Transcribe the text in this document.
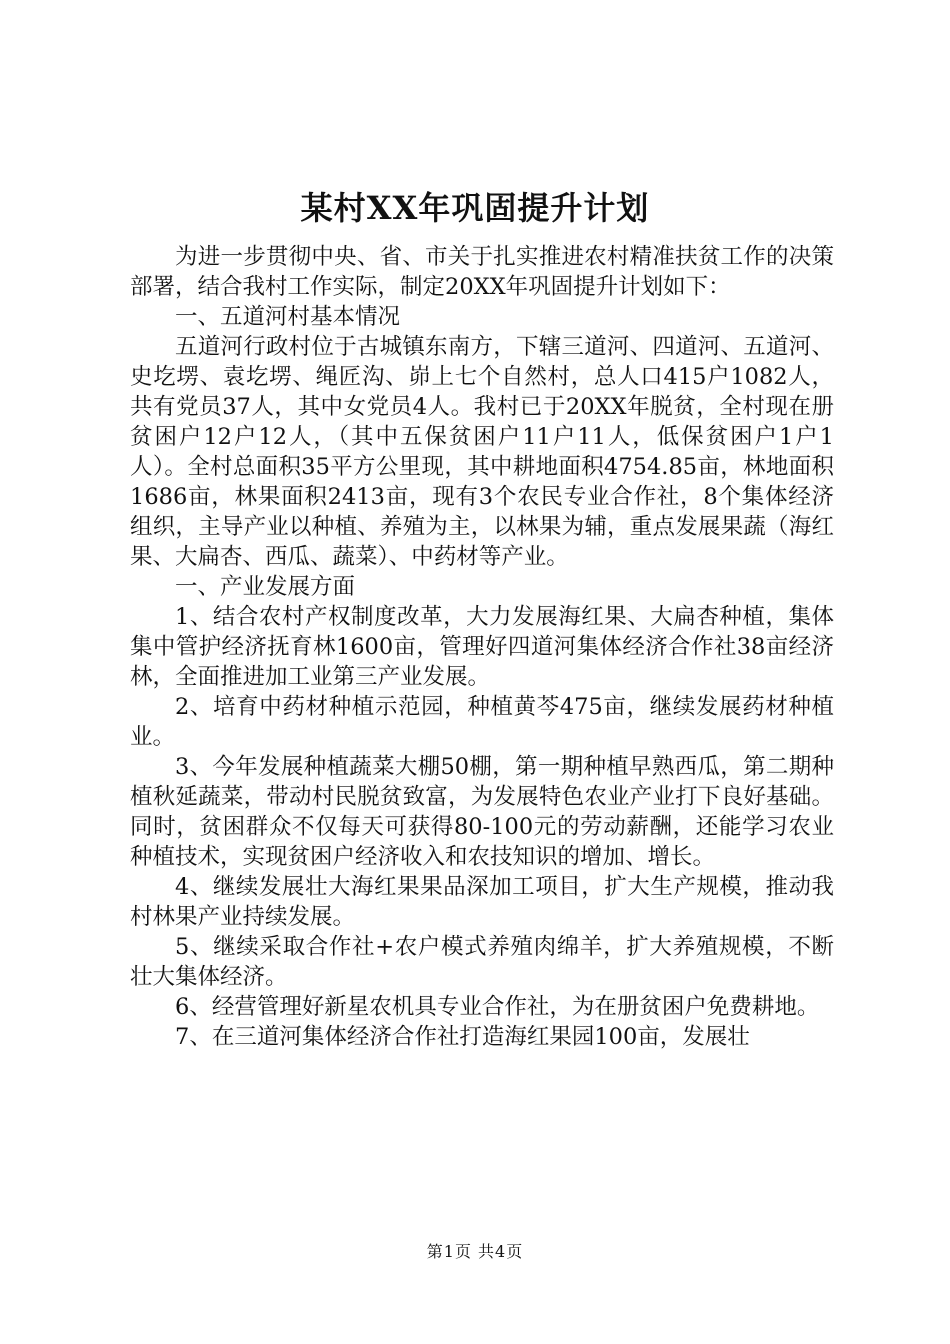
某村XX年巩固提升计划

为进一步贯彻中央、省、市关于扎实推进农村精准扶贫工作的决策部署，结合我村工作实际，制定20XX年巩固提升计划如下：

一、五道河村基本情况

五道河行政村位于古城镇东南方，下辖三道河、四道河、五道河、史圪塄、袁圪塄、绳匠沟、峁上七个自然村，总人口415户1082人，共有党员37人，其中女党员4人。我村已于20XX年脱贫，全村现在册贫困户12户12人，（其中五保贫困户11户11人，低保贫困户1户1人）。全村总面积35平方公里现，其中耕地面积4754.85亩，林地面积1686亩，林果面积2413亩，现有3个农民专业合作社，8个集体经济组织，主导产业以种植、养殖为主，以林果为辅，重点发展果蔬（海红果、大扁杏、西瓜、蔬菜）、中药材等产业。

一、产业发展方面

1、结合农村产权制度改革，大力发展海红果、大扁杏种植，集体集中管护经济抚育林1600亩，管理好四道河集体经济合作社38亩经济林，全面推进加工业第三产业发展。

2、培育中药材种植示范园，种植黄芩475亩，继续发展药材种植业。

3、今年发展种植蔬菜大棚50棚，第一期种植早熟西瓜，第二期种植秋延蔬菜，带动村民脱贫致富，为发展特色农业产业打下良好基础。同时，贫困群众不仅每天可获得80-100元的劳动薪酬，还能学习农业种植技术，实现贫困户经济收入和农技知识的增加、增长。

4、继续发展壮大海红果果品深加工项目，扩大生产规模，推动我村林果产业持续发展。

5、继续采取合作社+农户模式养殖肉绵羊，扩大养殖规模，不断壮大集体经济。

6、经营管理好新星农机具专业合作社，为在册贫困户免费耕地。

7、在三道河集体经济合作社打造海红果园100亩，发展壮

第1页 共4页
